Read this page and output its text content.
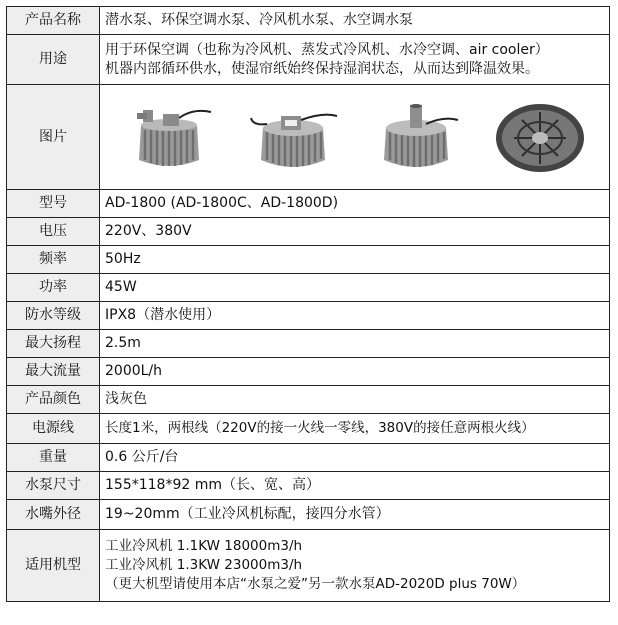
产品名称	潜水泵、环保空调水泵、冷风机水泵、水空调水泵
用途	用于环保空调（也称为冷风机、蒸发式冷风机、水冷空调、air cooler）
机器内部循环供水，使湿帘纸始终保持湿润状态，从而达到降温效果。

图片	

型号	AD-1800 (AD-1800C、AD-1800D)
电压	220V、380V
频率	50Hz
功率	45W
防水等级	IPX8（潜水使用）
最大扬程	2.5m
最大流量	2000L/h
产品颜色	浅灰色
电源线	长度1米，两根线（220V的接一火线一零线，380V的接任意两根火线）
重量	0.6 公斤/台
水泵尺寸	155*118*92 mm（长、宽、高）
水嘴外径	19~20mm（工业冷风机标配，接四分水管）
适用机型	工业冷风机 1.1KW 18000m3/h
工业冷风机 1.3KW 23000m3/h
（更大机型请使用本店“水泵之爱”另一款水泵AD-2020D plus 70W）
